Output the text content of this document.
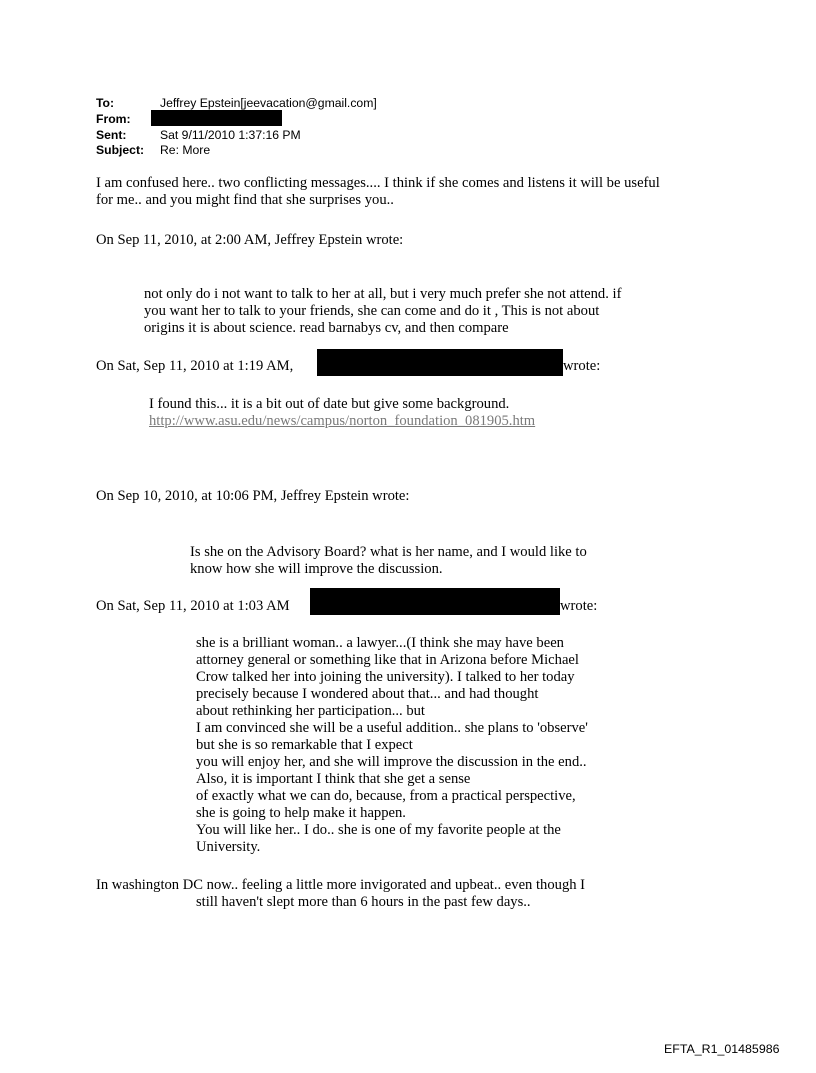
To:	Jeffrey Epstein[jeevacation@gmail.com]
From:
Sent:	Sat 9/11/2010 1:37:16 PM
Subject: Re: More
I am confused here.. two conflicting messages.... I think if she comes and listens it will be useful
for me.. and you might find that she surprises you..
On Sep 11, 2010, at 2:00 AM, Jeffrey Epstein wrote:
not only do i not want to talk to her at all, but i very much prefer she not attend. if
you want her to talk to your friends, she can come and do it , This is not about
origins it is about science. read barnabys cv, and then compare
On Sat, Sep 11, 2010 at 1:19 AM,	wrote:
I found this... it is a bit out of date but give some background.
http://www.asu.edu/news/campus/norton_foundation_081905.htm
On Sep 10, 2010, at 10:06 PM, Jeffrey Epstein wrote:
Is she on the Advisory Board? what is her name, and I would like to
know how she will improve the discussion.
On Sat, Sep 11, 2010 at 1:03 AM	wrote:
she is a brilliant woman.. a lawyer...(I think she may have been
attorney general or something like that in Arizona before Michael
Crow talked her into joining the university). I talked to her today
precisely because I wondered about that... and had thought
about rethinking her participation... but
I am convinced she will be a useful addition.. she plans to 'observe'
but she is so remarkable that I expect
you will enjoy her, and she will improve the discussion in the end..
Also, it is important I think that she get a sense
of exactly what we can do, because, from a practical perspective,
she is going to help make it happen.
You will like her.. I do.. she is one of my favorite people at the
University.
In washington DC now.. feeling a little more invigorated and upbeat.. even though I
still haven't slept more than 6 hours in the past few days..
EFTA_R1_01485986
